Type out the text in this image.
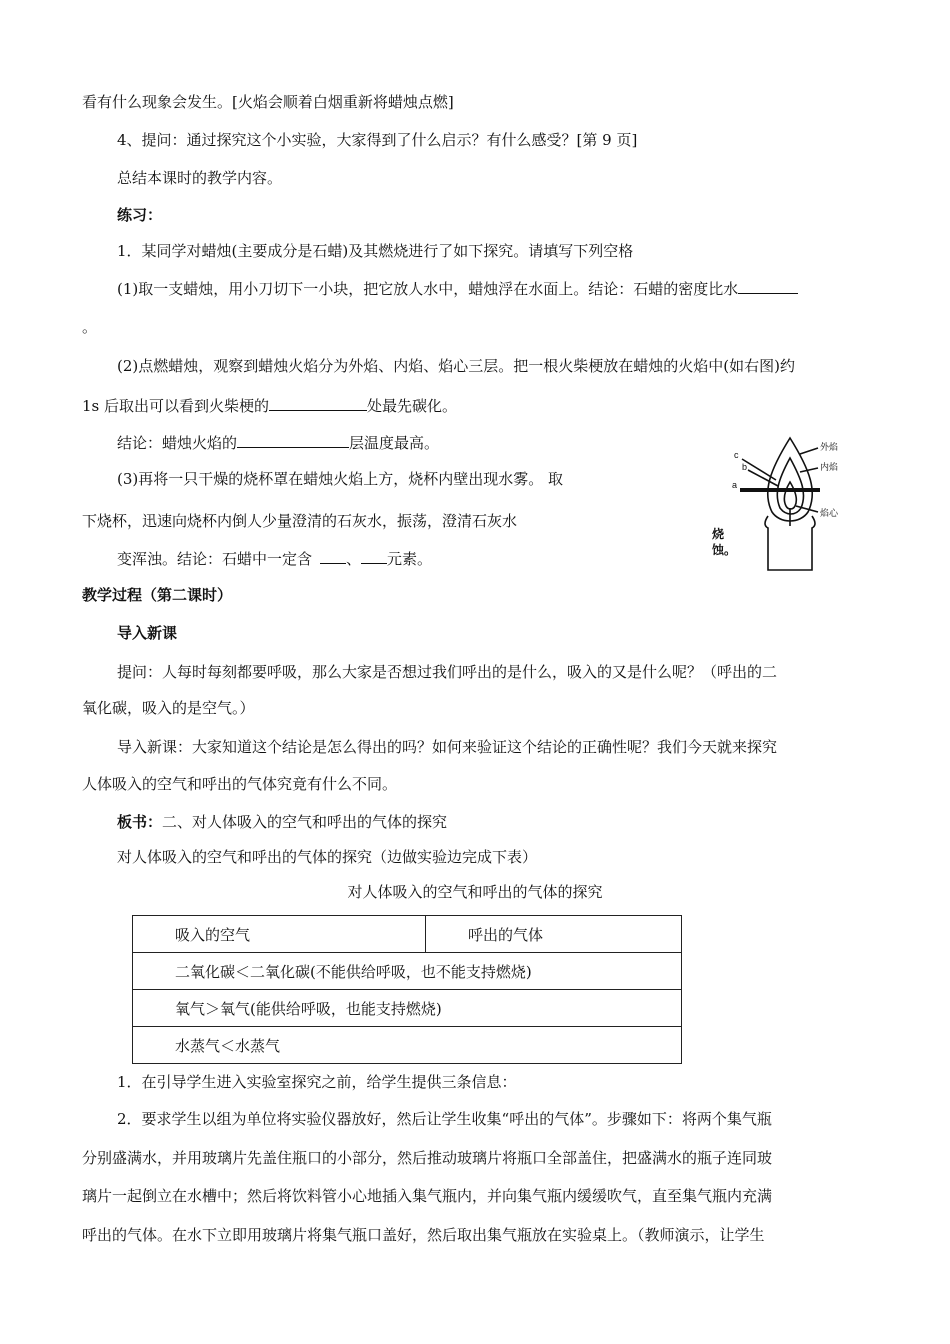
看有什么现象会发生。[火焰会顺着白烟重新将蜡烛点燃]
4、提问：通过探究这个小实验，大家得到了什么启示？有什么感受？[第 9 页]
总结本课时的教学内容。
练习：
1．某同学对蜡烛(主要成分是石蜡)及其燃烧进行了如下探究。请填写下列空格
(1)取一支蜡烛，用小刀切下一小块，把它放人水中，蜡烛浮在水面上。结论：石蜡的密度比水
。
(2)点燃蜡烛，观察到蜡烛火焰分为外焰、内焰、焰心三层。把一根火柴梗放在蜡烛的火焰中(如右图)约
1s 后取出可以看到火柴梗的	处最先碳化。
结论：蜡烛火焰的	层温度最高。
(3)再将一只干燥的烧杯罩在蜡烛火焰上方，烧杯内壁出现水雾。 取
下烧杯，迅速向烧杯内倒人少量澄清的石灰水，振荡，澄清石灰水
变浑浊。结论：石蜡中一定含 、 元素。
外焰
内焰
焰心
c
b
a
烧
蚀。
教学过程（第二课时）
导入新课
提问：人每时每刻都要呼吸，那么大家是否想过我们呼出的是什么，吸入的又是什么呢？（呼出的二
氧化碳，吸入的是空气。）
导入新课：大家知道这个结论是怎么得出的吗？如何来验证这个结论的正确性呢？我们今天就来探究
人体吸入的空气和呼出的气体究竟有什么不同。
板书：二、对人体吸入的空气和呼出的气体的探究
对人体吸入的空气和呼出的气体的探究（边做实验边完成下表）
对人体吸入的空气和呼出的气体的探究
吸入的空气	呼出的气体
二氧化碳＜二氧化碳(不能供给呼吸，也不能支持燃烧)
氧气＞氧气(能供给呼吸，也能支持燃烧)
水蒸气＜水蒸气
1．在引导学生进入实验室探究之前，给学生提供三条信息：
2．要求学生以组为单位将实验仪器放好，然后让学生收集“呼出的气体”。步骤如下：将两个集气瓶
分别盛满水，并用玻璃片先盖住瓶口的小部分，然后推动玻璃片将瓶口全部盖住，把盛满水的瓶子连同玻
璃片一起倒立在水槽中；然后将饮料管小心地插入集气瓶内，并向集气瓶内缓缓吹气，直至集气瓶内充满
呼出的气体。在水下立即用玻璃片将集气瓶口盖好，然后取出集气瓶放在实验桌上。（教师演示，让学生
